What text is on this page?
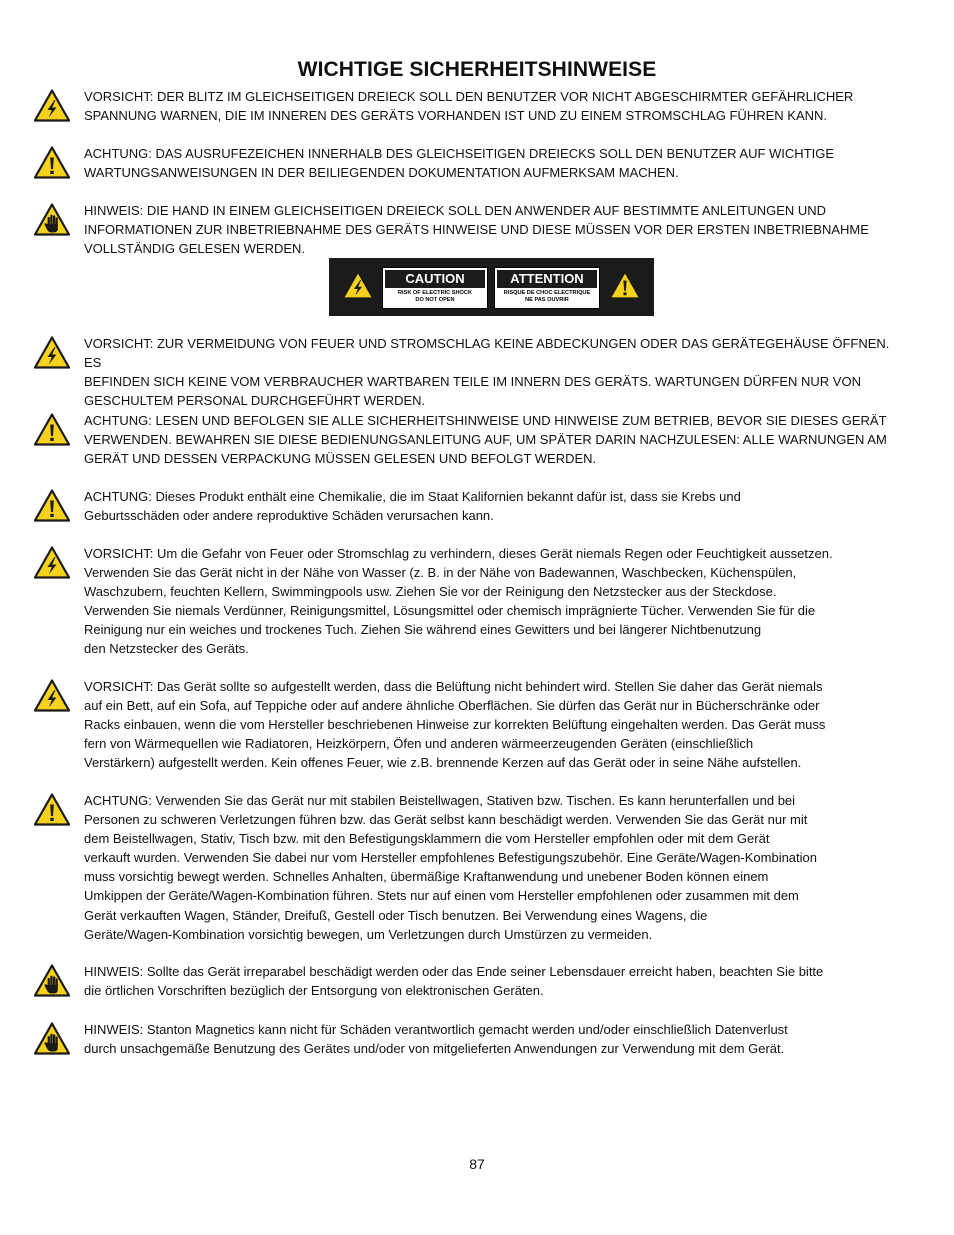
WICHTIGE SICHERHEITSHINWEISE
VORSICHT: DER BLITZ IM GLEICHSEITIGEN DREIECK SOLL DEN BENUTZER VOR NICHT ABGESCHIRMTER GEFÄHRLICHER
SPANNUNG WARNEN, DIE IM INNEREN DES GERÄTS VORHANDEN IST UND ZU EINEM STROMSCHLAG FÜHREN KANN.
ACHTUNG: DAS AUSRUFEZEICHEN INNERHALB DES GLEICHSEITIGEN DREIECKS SOLL DEN BENUTZER AUF WICHTIGE
WARTUNGSANWEISUNGEN IN DER BEILIEGENDEN DOKUMENTATION AUFMERKSAM MACHEN.
HINWEIS: DIE HAND IN EINEM GLEICHSEITIGEN DREIECK SOLL DEN ANWENDER AUF BESTIMMTE ANLEITUNGEN UND
INFORMATIONEN ZUR INBETRIEBNAHME DES GERÄTS HINWEISE UND DIESE MÜSSEN VOR DER ERSTEN INBETRIEBNAHME
VOLLSTÄNDIG GELESEN WERDEN.
CAUTION
RISK OF ELECTRIC SHOCK
DO NOT OPEN
ATTENTION
RISQUE DE CHOC ELECTRIQUE
NE PAS OUVRIR
VORSICHT: ZUR VERMEIDUNG VON FEUER UND STROMSCHLAG KEINE ABDECKUNGEN ODER DAS GERÄTEGEHÄUSE ÖFFNEN. ES
BEFINDEN SICH KEINE VOM VERBRAUCHER WARTBAREN TEILE IM INNERN DES GERÄTS. WARTUNGEN DÜRFEN NUR VON
GESCHULTEM PERSONAL DURCHGEFÜHRT WERDEN.
ACHTUNG: LESEN UND BEFOLGEN SIE ALLE SICHERHEITSHINWEISE UND HINWEISE ZUM BETRIEB, BEVOR SIE DIESES GERÄT
VERWENDEN. BEWAHREN SIE DIESE BEDIENUNGSANLEITUNG AUF, UM SPÄTER DARIN NACHZULESEN: ALLE WARNUNGEN AM
GERÄT UND DESSEN VERPACKUNG MÜSSEN GELESEN UND BEFOLGT WERDEN.
ACHTUNG: Dieses Produkt enthält eine Chemikalie, die im Staat Kalifornien bekannt dafür ist, dass sie Krebs und
Geburtsschäden oder andere reproduktive Schäden verursachen kann.
VORSICHT: Um die Gefahr von Feuer oder Stromschlag zu verhindern, dieses Gerät niemals Regen oder Feuchtigkeit aussetzen.
Verwenden Sie das Gerät nicht in der Nähe von Wasser (z. B. in der Nähe von Badewannen, Waschbecken, Küchenspülen,
Waschzubern, feuchten Kellern, Swimmingpools usw. Ziehen Sie vor der Reinigung den Netzstecker aus der Steckdose.
Verwenden Sie niemals Verdünner, Reinigungsmittel, Lösungsmittel oder chemisch imprägnierte Tücher. Verwenden Sie für die
Reinigung nur ein weiches und trockenes Tuch. Ziehen Sie während eines Gewitters und bei längerer Nichtbenutzung
den Netzstecker des Geräts.
VORSICHT: Das Gerät sollte so aufgestellt werden, dass die Belüftung nicht behindert wird. Stellen Sie daher das Gerät niemals
auf ein Bett, auf ein Sofa, auf Teppiche oder auf andere ähnliche Oberflächen. Sie dürfen das Gerät nur in Bücherschränke oder
Racks einbauen, wenn die vom Hersteller beschriebenen Hinweise zur korrekten Belüftung eingehalten werden. Das Gerät muss
fern von Wärmequellen wie Radiatoren, Heizkörpern, Öfen und anderen wärmeerzeugenden Geräten (einschließlich
Verstärkern) aufgestellt werden. Kein offenes Feuer, wie z.B. brennende Kerzen auf das Gerät oder in seine Nähe aufstellen.
ACHTUNG: Verwenden Sie das Gerät nur mit stabilen Beistellwagen, Stativen bzw. Tischen. Es kann herunterfallen und bei
Personen zu schweren Verletzungen führen bzw. das Gerät selbst kann beschädigt werden. Verwenden Sie das Gerät nur mit
dem Beistellwagen, Stativ, Tisch bzw. mit den Befestigungsklammern die vom Hersteller empfohlen oder mit dem Gerät
verkauft wurden. Verwenden Sie dabei nur vom Hersteller empfohlenes Befestigungszubehör. Eine Geräte/Wagen-Kombination
muss vorsichtig bewegt werden. Schnelles Anhalten, übermäßige Kraftanwendung und unebener Boden können einem
Umkippen der Geräte/Wagen-Kombination führen. Stets nur auf einen vom Hersteller empfohlenen oder zusammen mit dem
Gerät verkauften Wagen, Ständer, Dreifuß, Gestell oder Tisch benutzen. Bei Verwendung eines Wagens, die
Geräte/Wagen-Kombination vorsichtig bewegen, um Verletzungen durch Umstürzen zu vermeiden.
HINWEIS: Sollte das Gerät irreparabel beschädigt werden oder das Ende seiner Lebensdauer erreicht haben, beachten Sie bitte
die örtlichen Vorschriften bezüglich der Entsorgung von elektronischen Geräten.
HINWEIS: Stanton Magnetics kann nicht für Schäden verantwortlich gemacht werden und/oder einschließlich Datenverlust
durch unsachgemäße Benutzung des Gerätes und/oder von mitgelieferten Anwendungen zur Verwendung mit dem Gerät.
87
